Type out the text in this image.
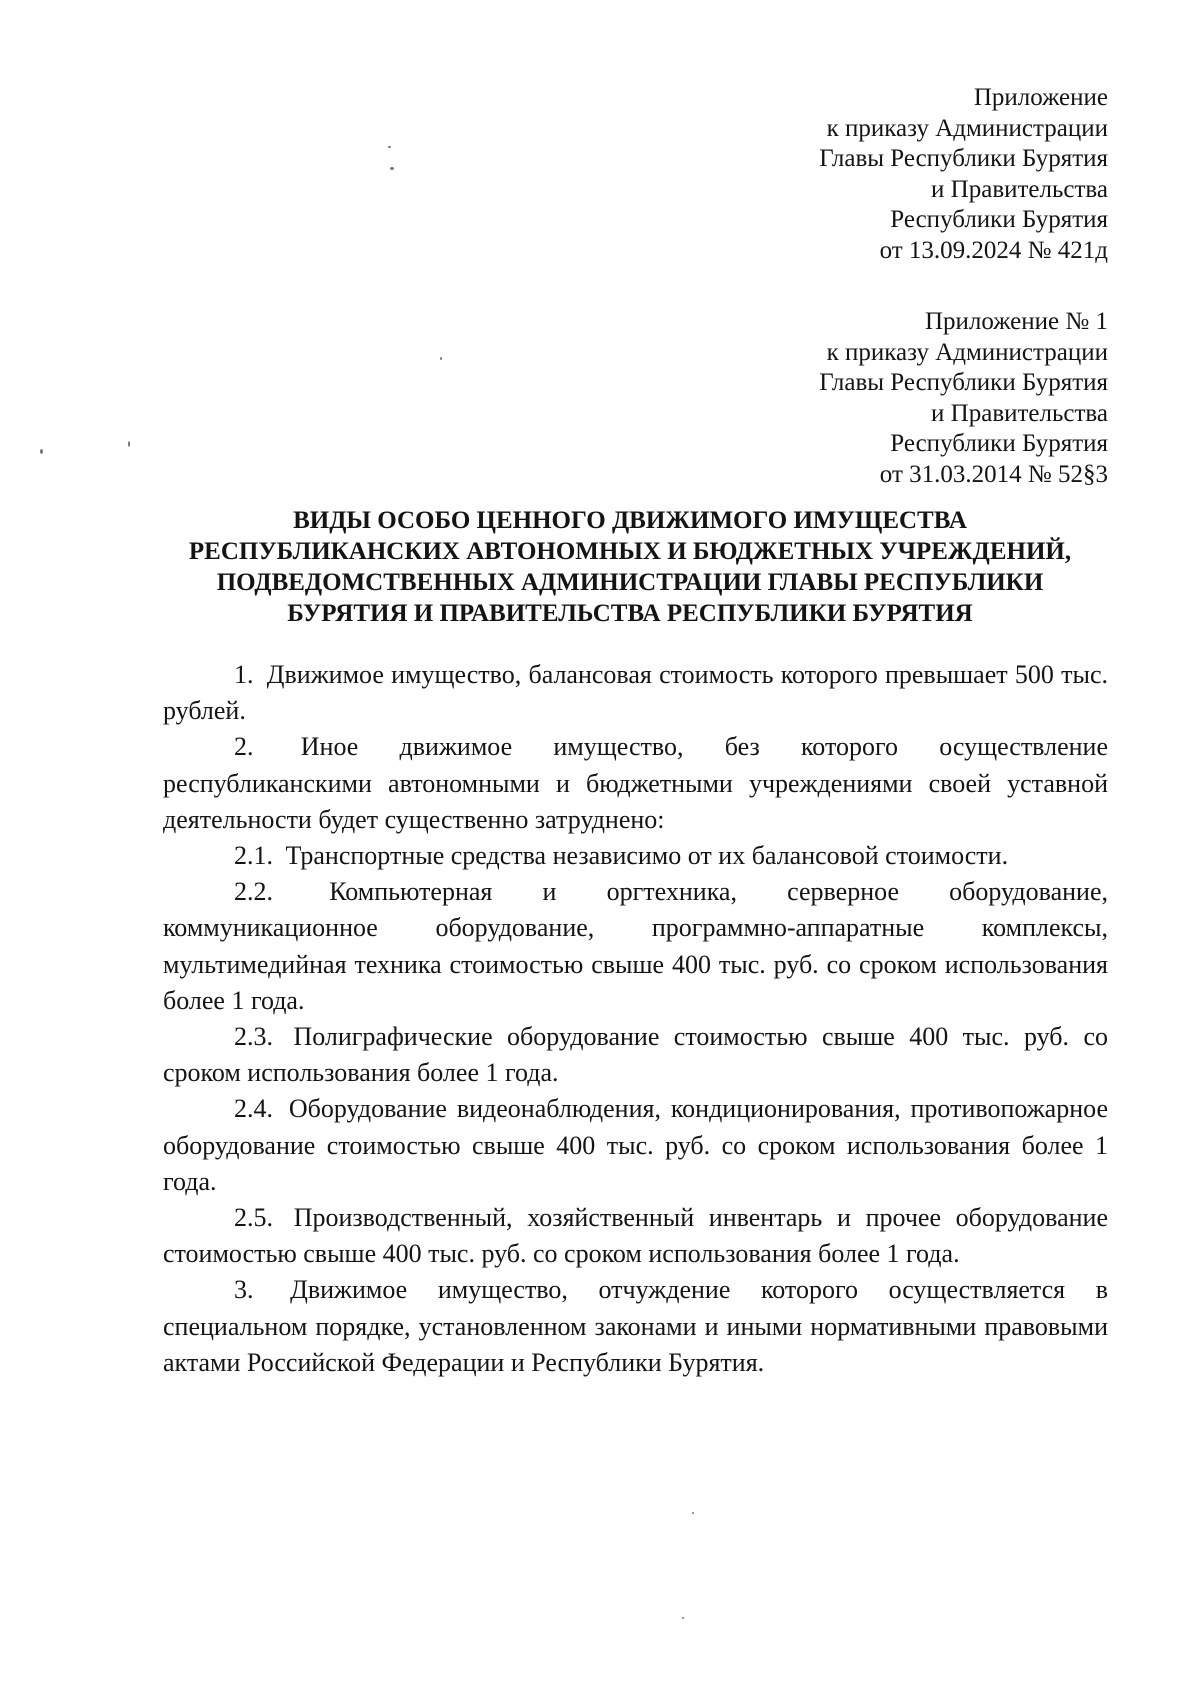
Приложение
к приказу Администрации
Главы Республики Бурятия
и Правительства
Республики Бурятия
от 13.09.2024 № 421д
Приложение № 1
к приказу Администрации
Главы Республики Бурятия
и Правительства
Республики Бурятия
от 31.03.2014 № 52§3
ВИДЫ ОСОБО ЦЕННОГО ДВИЖИМОГО ИМУЩЕСТВА
РЕСПУБЛИКАНСКИХ АВТОНОМНЫХ И БЮДЖЕТНЫХ УЧРЕЖДЕНИЙ,
ПОДВЕДОМСТВЕННЫХ АДМИНИСТРАЦИИ ГЛАВЫ РЕСПУБЛИКИ
БУРЯТИЯ И ПРАВИТЕЛЬСТВА РЕСПУБЛИКИ БУРЯТИЯ

1. Движимое имущество, балансовая стоимость которого превышает 500 тыс. рублей.

2. Иное движимое имущество, без которого осуществление республиканскими автономными и бюджетными учреждениями своей уставной деятельности будет существенно затруднено:

2.1. Транспортные средства независимо от их балансовой стоимости.

2.2. Компьютерная и оргтехника, серверное оборудование, коммуникационное оборудование, программно-аппаратные комплексы, мультимедийная техника стоимостью свыше 400 тыс. руб. со сроком использования более 1 года.

2.3. Полиграфические оборудование стоимостью свыше 400 тыс. руб. со сроком использования более 1 года.

2.4. Оборудование видеонаблюдения, кондиционирования, противопожарное оборудование стоимостью свыше 400 тыс. руб. со сроком использования более 1 года.

2.5. Производственный, хозяйственный инвентарь и прочее оборудование стоимостью свыше 400 тыс. руб. со сроком использования более 1 года.

3. Движимое имущество, отчуждение которого осуществляется в специальном порядке, установленном законами и иными нормативными правовыми актами Российской Федерации и Республики Бурятия.
